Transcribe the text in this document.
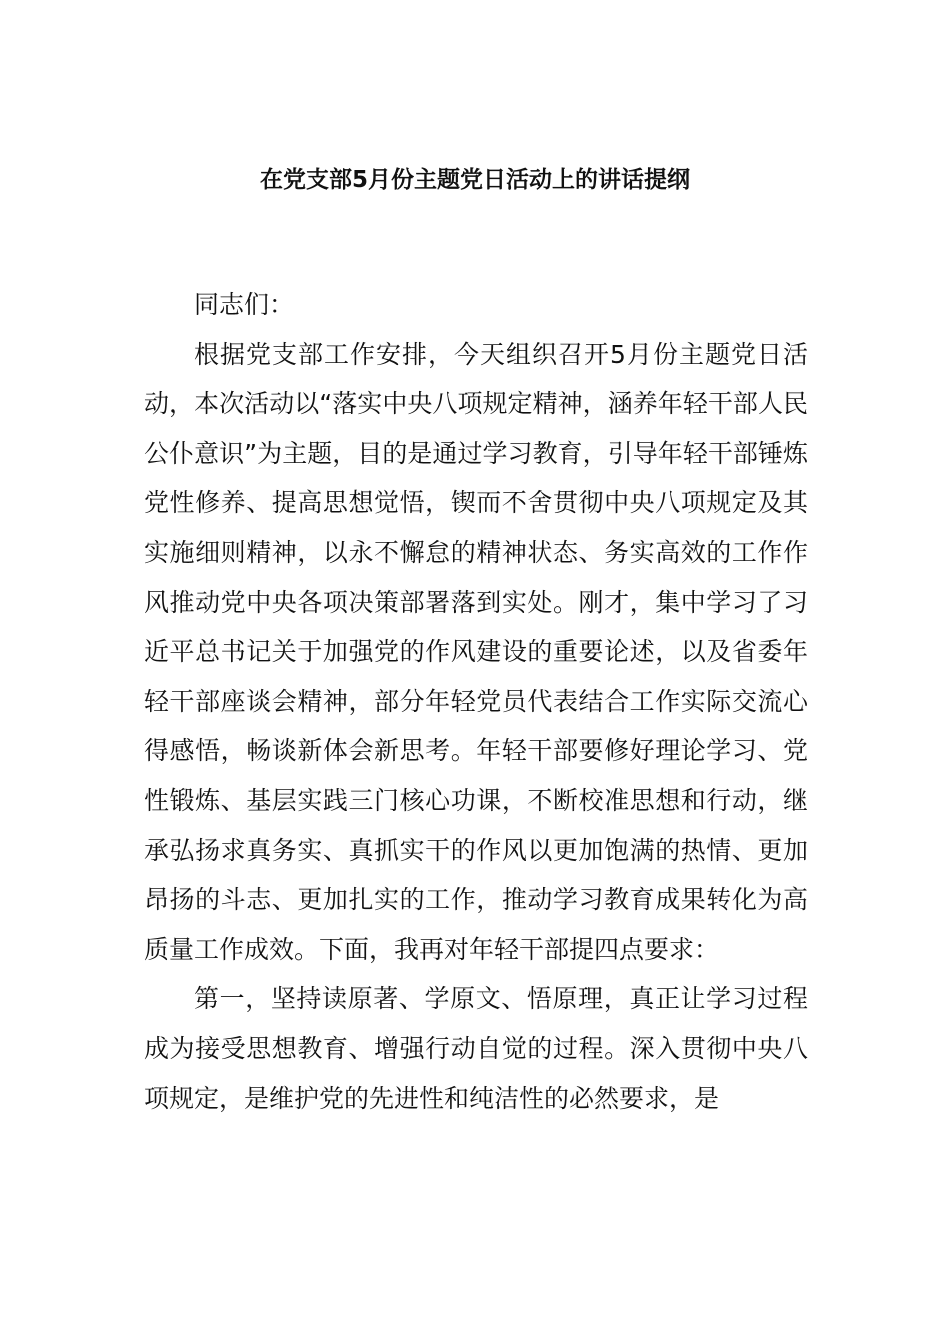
在党支部5月份主题党日活动上的讲话提纲

同志们：

根据党支部工作安排，今天组织召开5月份主题党日活动，本次活动以“落实中央八项规定精神，涵养年轻干部人民公仆意识”为主题，目的是通过学习教育，引导年轻干部锤炼党性修养、提高思想觉悟，锲而不舍贯彻中央八项规定及其实施细则精神，以永不懈怠的精神状态、务实高效的工作作风推动党中央各项决策部署落到实处。刚才，集中学习了习近平总书记关于加强党的作风建设的重要论述，以及省委年轻干部座谈会精神，部分年轻党员代表结合工作实际交流心得感悟，畅谈新体会新思考。年轻干部要修好理论学习、党性锻炼、基层实践三门核心功课，不断校准思想和行动，继承弘扬求真务实、真抓实干的作风以更加饱满的热情、更加昂扬的斗志、更加扎实的工作，推动学习教育成果转化为高质量工作成效。下面，我再对年轻干部提四点要求：

第一，坚持读原著、学原文、悟原理，真正让学习过程成为接受思想教育、增强行动自觉的过程。深入贯彻中央八项规定，是维护党的先进性和纯洁性的必然要求，是
